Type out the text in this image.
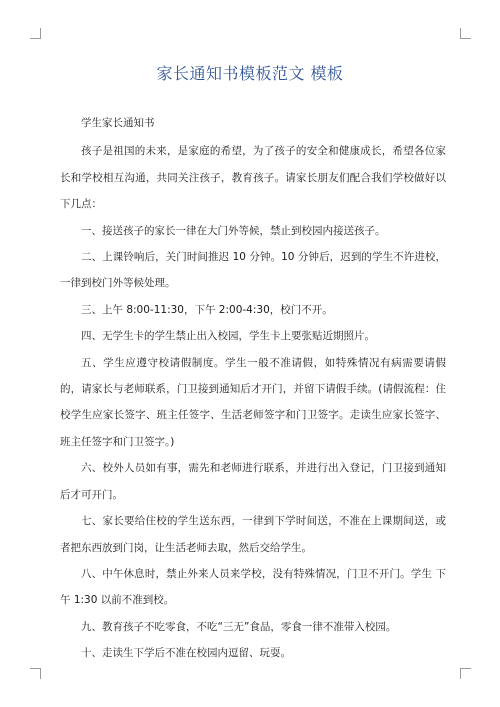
家长通知书模板范文 模板

学生家长通知书

孩子是祖国的未来，是家庭的希望，为了孩子的安全和健康成长，希望各位家长和学校相互沟通，共同关注孩子，教育孩子。请家长朋友们配合我们学校做好以下几点：

一、接送孩子的家长一律在大门外等候，禁止到校园内接送孩子。

二、上课铃响后，关门时间推迟 10 分钟。10 分钟后，迟到的学生不许进校，一律到校门外等候处理。

三、上午 8:00-11:30，下午 2:00-4:30，校门不开。

四、无学生卡的学生禁止出入校园，学生卡上要张贴近期照片。

五、学生应遵守校请假制度。学生一般不准请假，如特殊情况有病需要请假的，请家长与老师联系，门卫接到通知后才开门，并留下请假手续。(请假流程：住校学生应家长签字、班主任签字、生活老师签字和门卫签字。走读生应家长签字、班主任签字和门卫签字。)

六、校外人员如有事，需先和老师进行联系，并进行出入登记，门卫接到通知后才可开门。

七、家长要给住校的学生送东西，一律到下学时间送，不准在上课期间送，或者把东西放到门岗，让生活老师去取，然后交给学生。

八、中午休息时，禁止外来人员来学校，没有特殊情况，门卫不开门。学生 下午 1:30 以前不准到校。

九、教育孩子不吃零食，不吃“三无”食品，零食一律不准带入校园。

十、走读生下学后不准在校园内逗留、玩耍。
